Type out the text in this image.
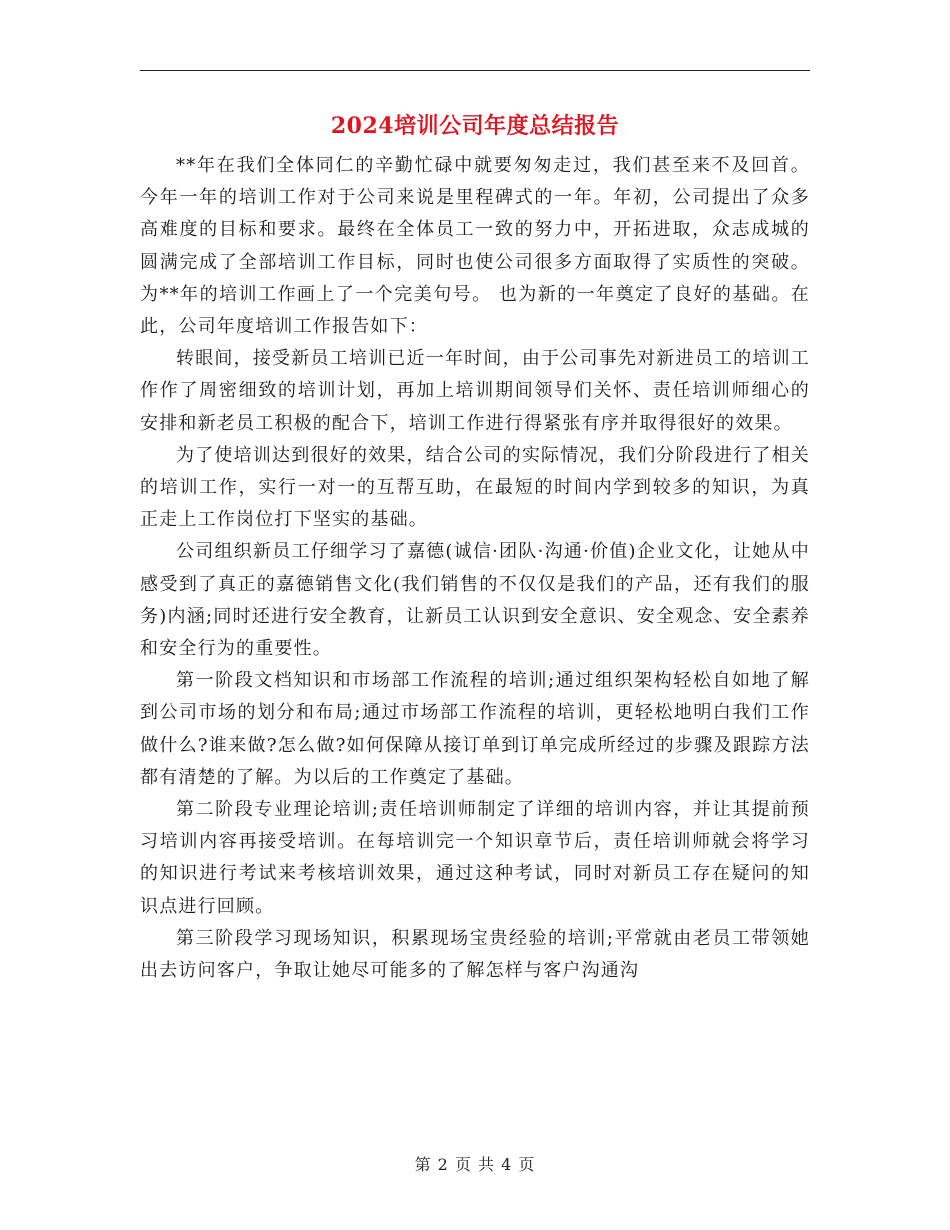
2024培训公司年度总结报告

**年在我们全体同仁的辛勤忙碌中就要匆匆走过，我们甚至来不及回首。今年一年的培训工作对于公司来说是里程碑式的一年。年初，公司提出了众多高难度的目标和要求。最终在全体员工一致的努力中，开拓进取，众志成城的圆满完成了全部培训工作目标，同时也使公司很多方面取得了实质性的突破。为**年的培训工作画上了一个完美句号。 也为新的一年奠定了良好的基础。在此，公司年度培训工作报告如下：

转眼间，接受新员工培训已近一年时间，由于公司事先对新进员工的培训工作作了周密细致的培训计划，再加上培训期间领导们关怀、责任培训师细心的安排和新老员工积极的配合下，培训工作进行得紧张有序并取得很好的效果。

为了使培训达到很好的效果，结合公司的实际情况，我们分阶段进行了相关的培训工作，实行一对一的互帮互助，在最短的时间内学到较多的知识，为真正走上工作岗位打下坚实的基础。

公司组织新员工仔细学习了嘉德(诚信·团队·沟通·价值)企业文化，让她从中感受到了真正的嘉德销售文化(我们销售的不仅仅是我们的产品，还有我们的服务)内涵;同时还进行安全教育，让新员工认识到安全意识、安全观念、安全素养和安全行为的重要性。

第一阶段文档知识和市场部工作流程的培训;通过组织架构轻松自如地了解到公司市场的划分和布局;通过市场部工作流程的培训，更轻松地明白我们工作做什么?谁来做?怎么做?如何保障从接订单到订单完成所经过的步骤及跟踪方法都有清楚的了解。为以后的工作奠定了基础。

第二阶段专业理论培训;责任培训师制定了详细的培训内容，并让其提前预习培训内容再接受培训。在每培训完一个知识章节后，责任培训师就会将学习的知识进行考试来考核培训效果，通过这种考试，同时对新员工存在疑问的知识点进行回顾。

第三阶段学习现场知识，积累现场宝贵经验的培训;平常就由老员工带领她出去访问客户，争取让她尽可能多的了解怎样与客户沟通沟

第 2 页 共 4 页
